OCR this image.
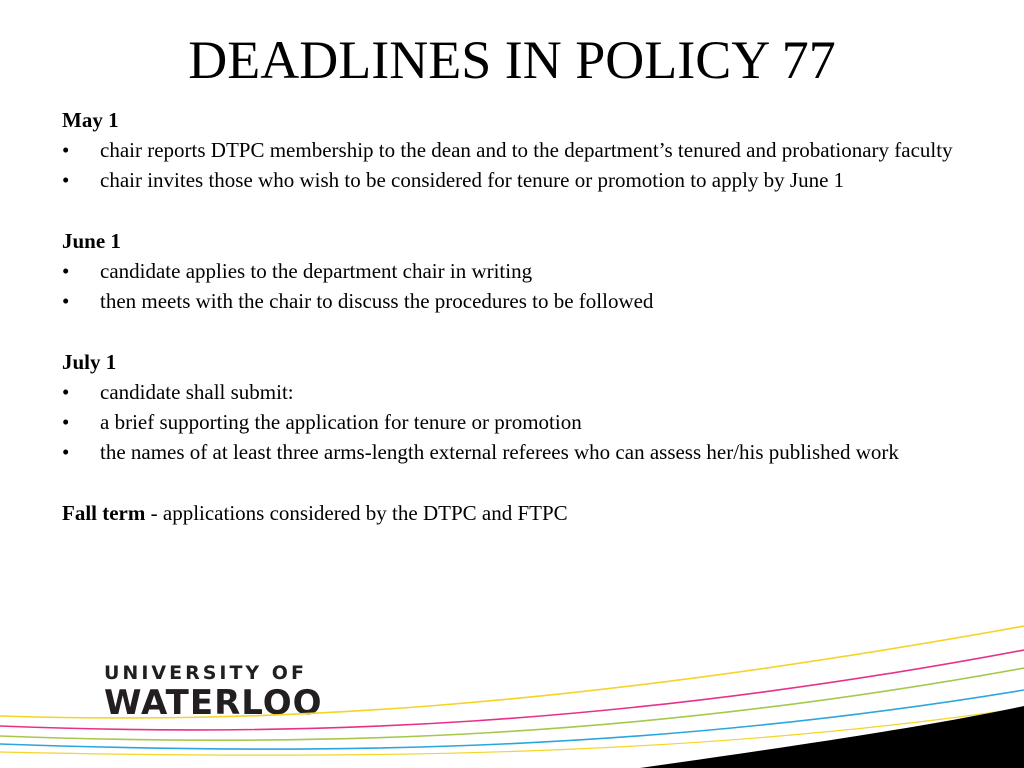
DEADLINES IN POLICY 77
May 1
• chair reports DTPC membership to the dean and to the department’s tenured and probationary faculty
• chair invites those who wish to be considered for tenure or promotion to apply by June 1
June 1
• candidate applies to the department chair in writing
• then meets with the chair to discuss the procedures to be followed
July 1
• candidate shall submit:
• a brief supporting the application for tenure or promotion
• the names of at least three arms-length external referees who can assess her/his published work
Fall term - applications considered by the DTPC and FTPC
UNIVERSITY OF
WATERLOO
